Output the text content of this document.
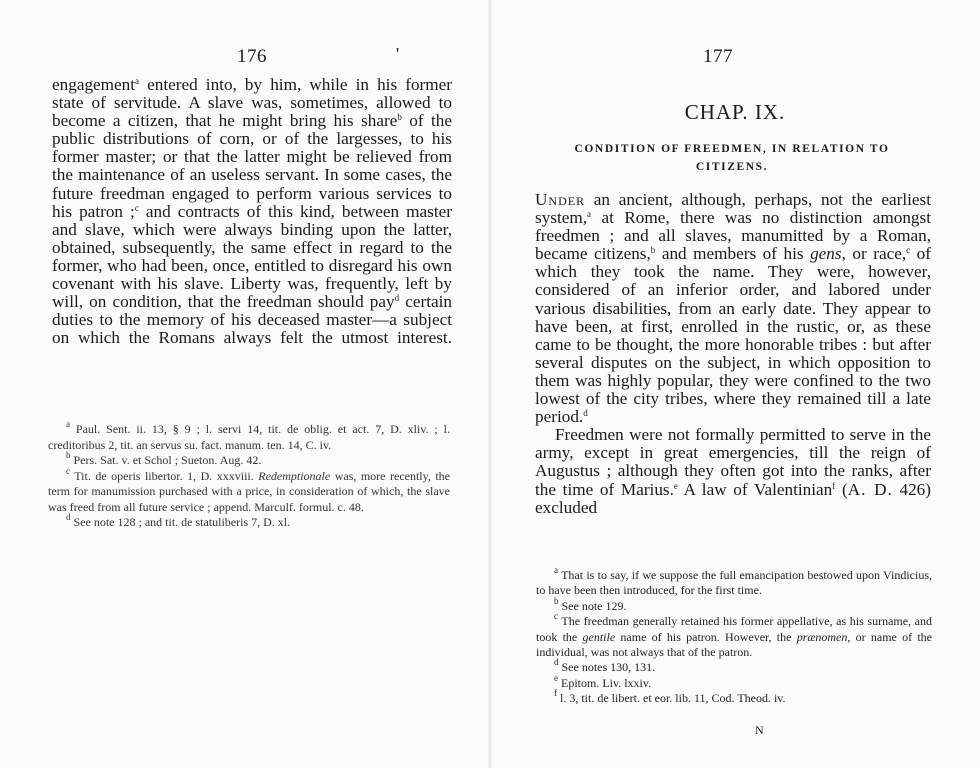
176	'
engagement$^a$ entered into, by him, while in his former state of servitude. A slave was, sometimes, allowed to become a citizen, that he might bring his share$^b$ of the public distributions of corn, or of the largesses, to his former master; or that the latter might be relieved from the maintenance of an useless servant. In some cases, the future freedman engaged to perform various services to his patron ;$^c$ and contracts of this kind, between master and slave, which were always binding upon the latter, obtained, subsequently, the same effect in regard to the former, who had been, once, entitled to disregard his own covenant with his slave. Liberty was, frequently, left by will, on condition, that the freedman should pay$^d$ certain duties to the memory of his deceased master—a subject on which the Romans always felt the utmost interest.

$^a$ Paul. Sent. ii. 13, § 9 ; l. servi 14, tit. de oblig. et act. 7, D. xliv. ; l. creditoribus 2, tit. an servus su. fact. manum. ten. 14, C. iv.

$^b$ Pers. Sat. v. et Schol ; Sueton. Aug. 42.

$^c$ Tit. de operis libertor. 1, D. xxxviii. Redemptionale was, more recently, the term for manumission purchased with a price, in consideration of which, the slave was freed from all future service ; append. Marculf. formul. c. 48.

$^d$ See note 128 ; and tit. de statuliberis 7, D. xl.

177
CHAP. IX.
CONDITION OF FREEDMEN, IN RELATION TO CITIZENS.

Under an ancient, although, perhaps, not the earliest system,$^a$ at Rome, there was no distinction amongst freedmen ; and all slaves, manumitted by a Roman, became citizens,$^b$ and members of his gens, or race,$^c$ of which they took the name. They were, however, considered of an inferior order, and labored under various disabilities, from an early date. They appear to have been, at first, enrolled in the rustic, or, as these came to be thought, the more honorable tribes : but after several disputes on the subject, in which opposition to them was highly popular, they were confined to the two lowest of the city tribes, where they remained till a late period.$^d$

Freedmen were not formally permitted to serve in the army, except in great emergencies, till the reign of Augustus ; although they often got into the ranks, after the time of Marius.$^e$ A law of Valentinian$^f$ (A. D. 426) excluded

$^a$ That is to say, if we suppose the full emancipation bestowed upon Vindicius, to have been then introduced, for the first time.

$^b$ See note 129.

$^c$ The freedman generally retained his former appellative, as his surname, and took the gentile name of his patron. However, the prænomen, or name of the individual, was not always that of the patron.

$^d$ See notes 130, 131.

$^e$ Epitom. Liv. lxxiv.

$^f$ l. 3, tit. de libert. et eor. lib. 11, Cod. Theod. iv.

N
